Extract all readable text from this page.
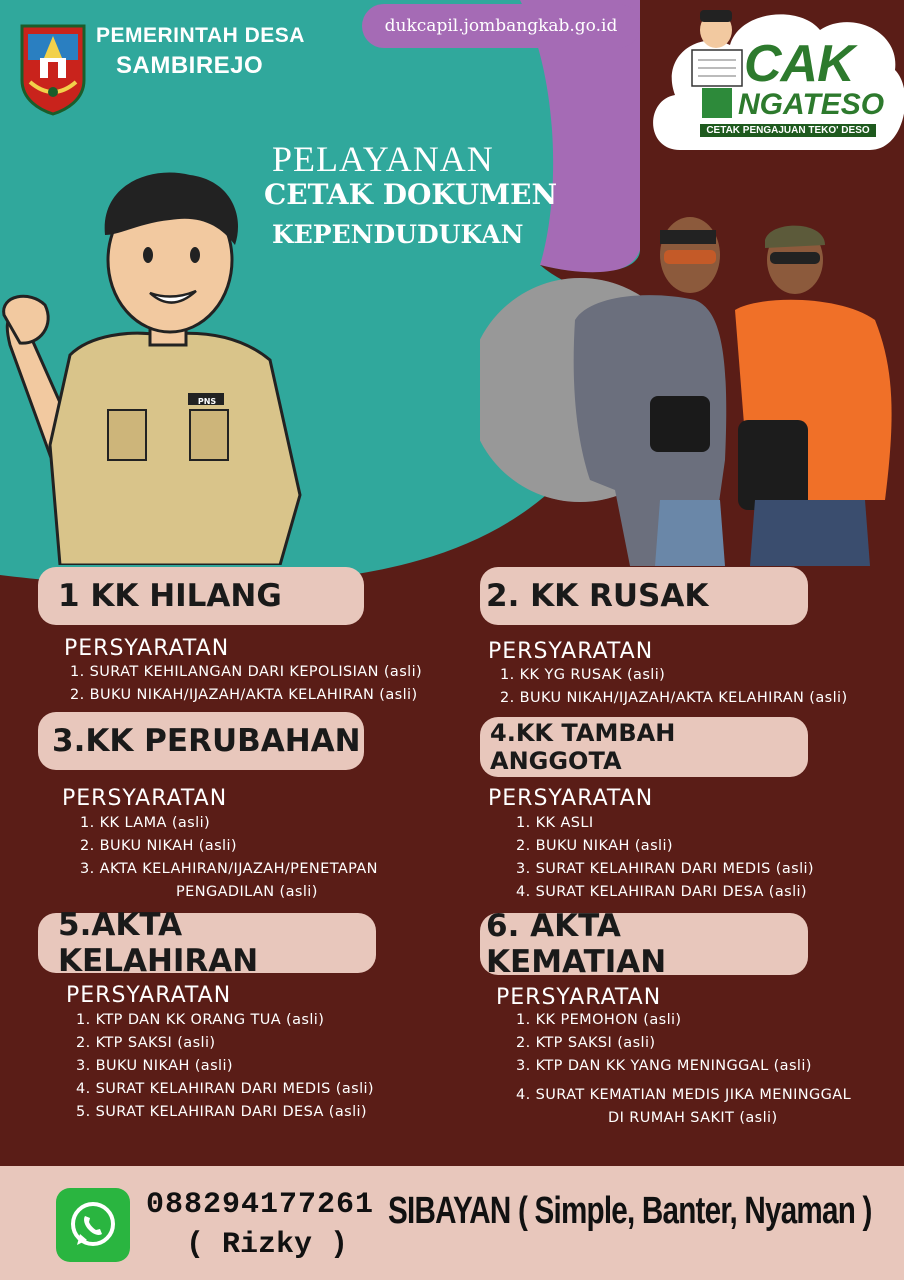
PEMERINTAH DESA
SAMBIREJO
dukcapil.jombangkab.go.id
PELAYANAN
CETAK DOKUMEN
KEPENDUDUKAN
CAK
NGATESO
CETAK PENGAJUAN TEKO' DESO
PNS
1 KK HILANG
PERSYARATAN
1. SURAT KEHILANGAN DARI KEPOLISIAN (asli)
2. BUKU NIKAH/IJAZAH/AKTA KELAHIRAN (asli)
2. KK RUSAK
PERSYARATAN
1. KK YG RUSAK (asli)
2. BUKU NIKAH/IJAZAH/AKTA KELAHIRAN (asli)
3.KK PERUBAHAN
PERSYARATAN
1. KK LAMA (asli)
2. BUKU NIKAH (asli)
3. AKTA KELAHIRAN/IJAZAH/PENETAPAN
PENGADILAN (asli)
4.KK TAMBAH ANGGOTA
PERSYARATAN
1. KK ASLI
2. BUKU NIKAH (asli)
3. SURAT KELAHIRAN DARI MEDIS (asli)
4. SURAT KELAHIRAN DARI DESA (asli)
5.AKTA KELAHIRAN
PERSYARATAN
1. KTP DAN KK ORANG TUA (asli)
2. KTP SAKSI (asli)
3. BUKU NIKAH (asli)
4. SURAT KELAHIRAN DARI MEDIS (asli)
5. SURAT KELAHIRAN DARI DESA (asli)
6. AKTA KEMATIAN
PERSYARATAN
1. KK PEMOHON (asli)
2. KTP SAKSI (asli)
3. KTP DAN KK YANG MENINGGAL (asli)
4. SURAT KEMATIAN MEDIS JIKA MENINGGAL
DI RUMAH SAKIT (asli)
088294177261
( Rizky )
SIBAYAN ( Simple, Banter, Nyaman )
